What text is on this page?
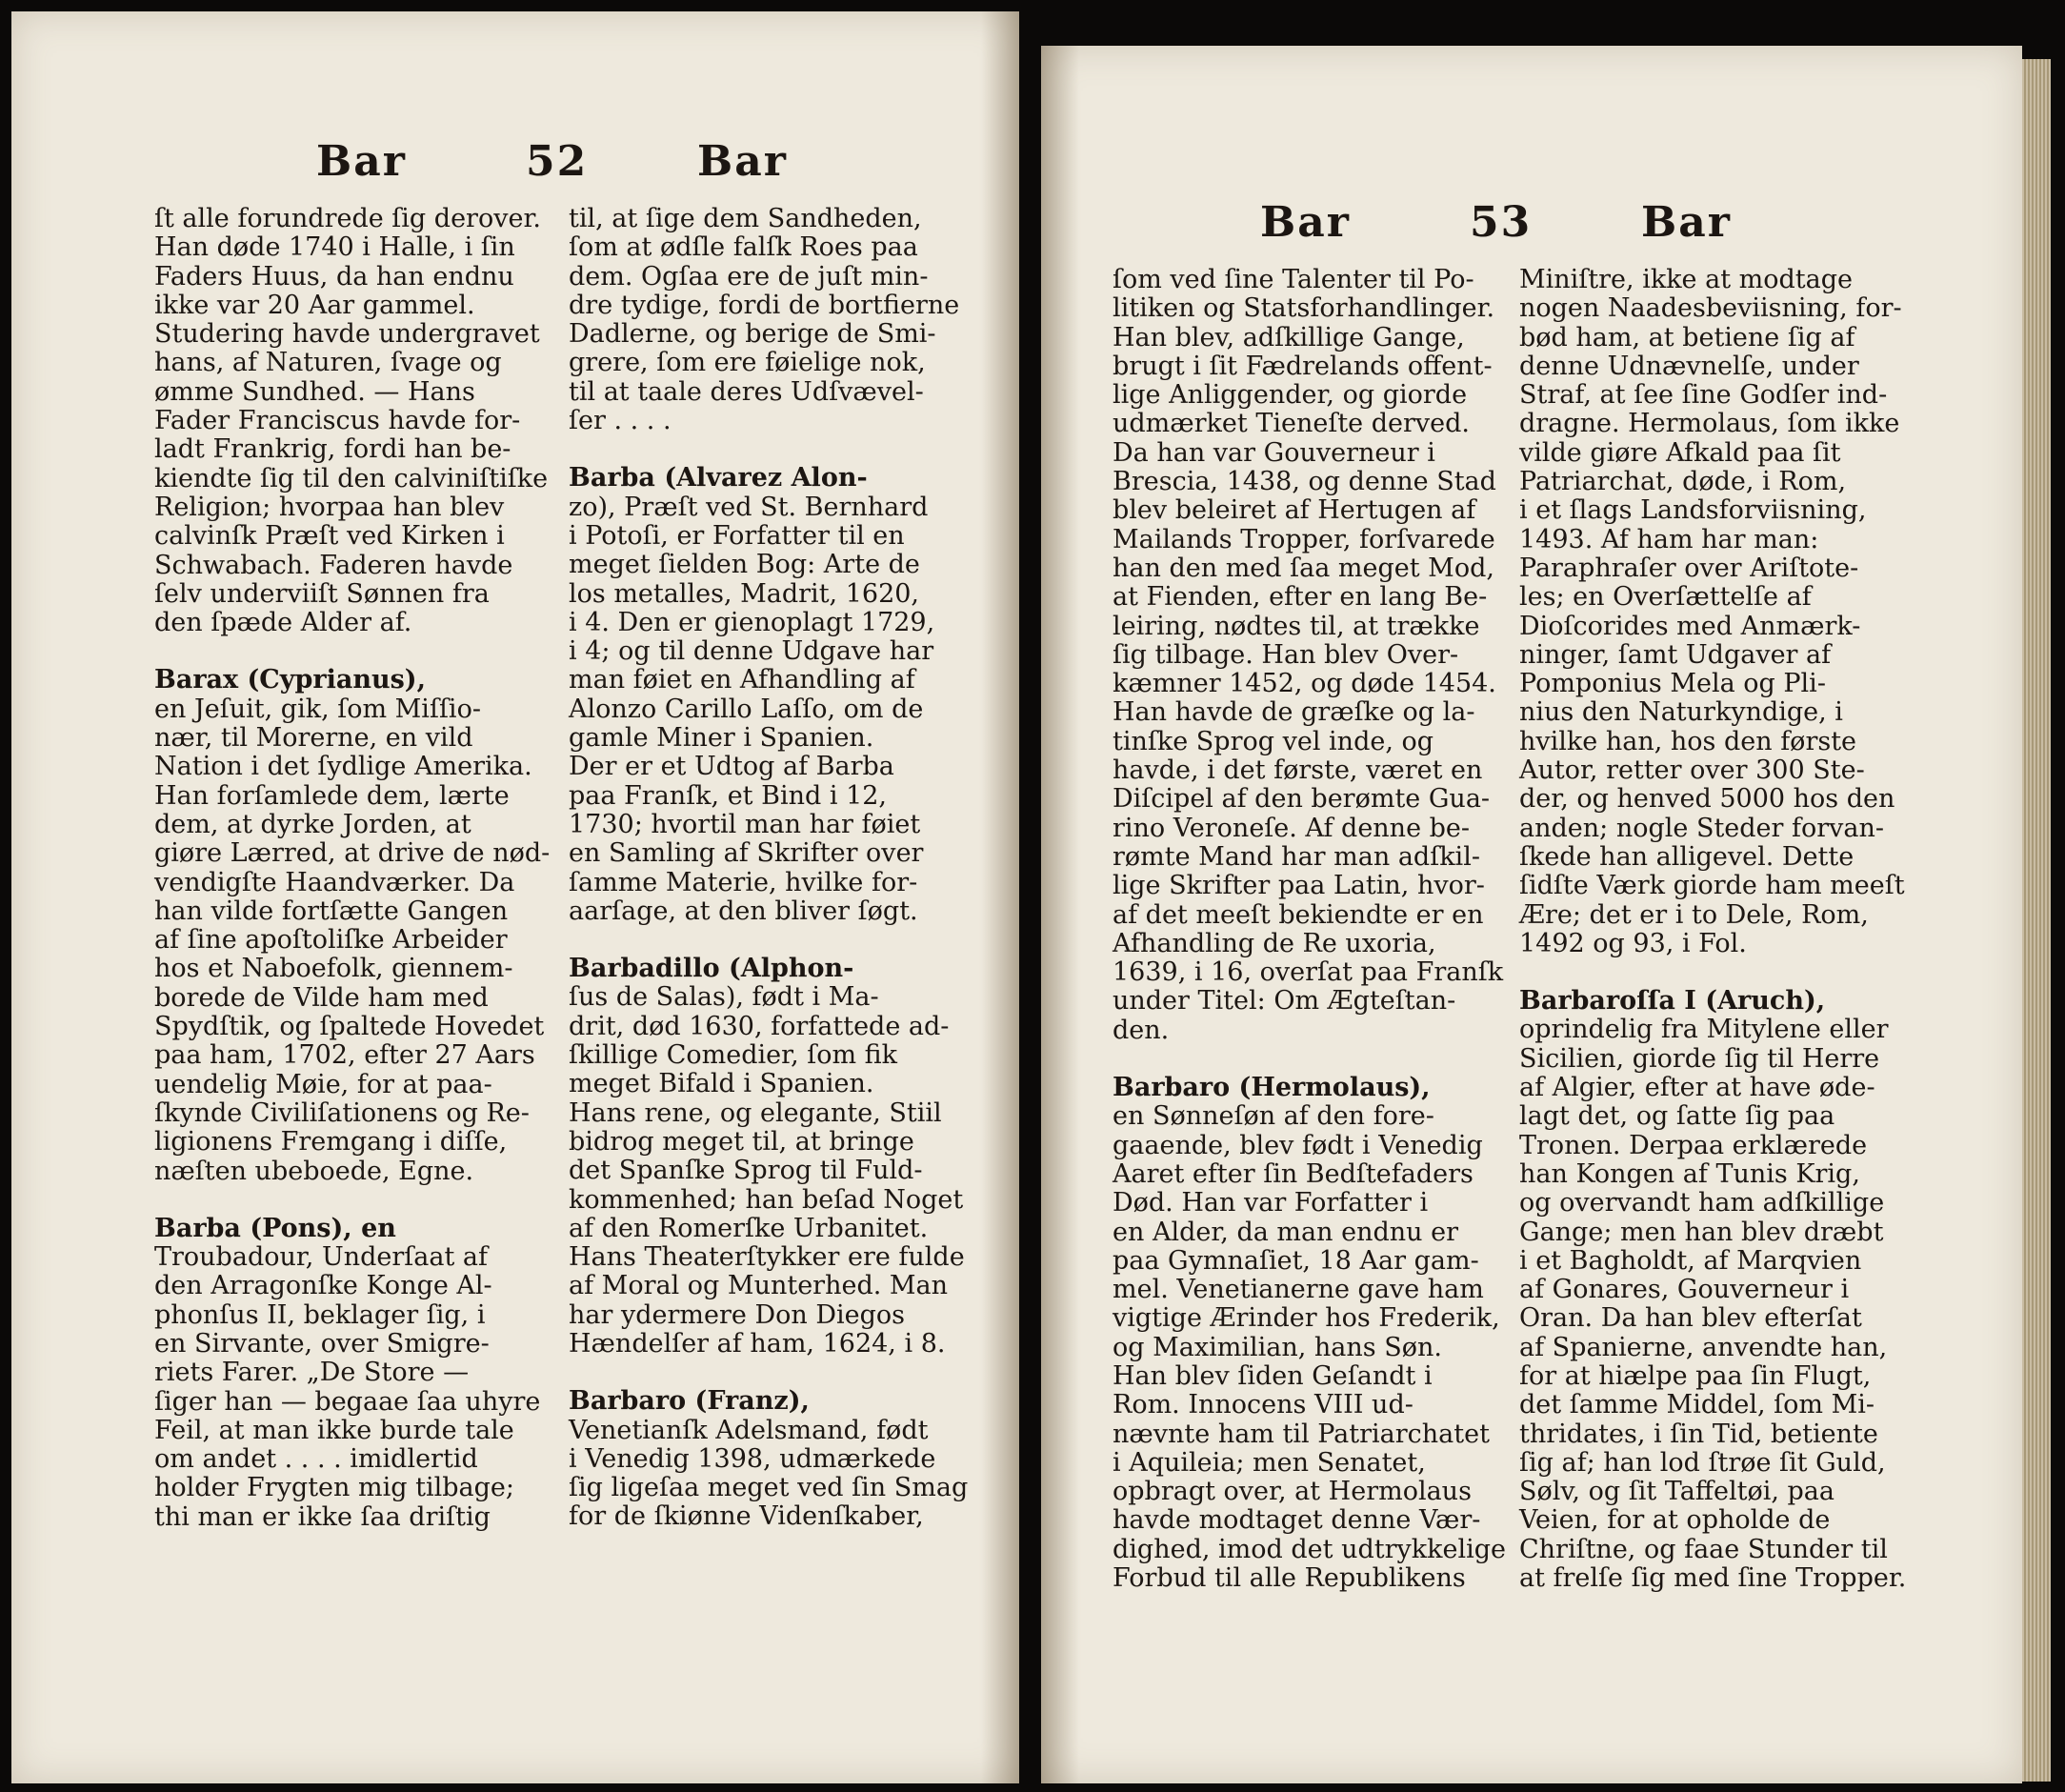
Bar	52	Bar
ſt alle forundrede ſig derover.
Han døde 1740 i Halle, i ſin
Faders Huus, da han endnu
ikke var 20 Aar gammel.
Studering havde undergravet
hans, af Naturen, ſvage og
ømme Sundhed. — Hans
Fader Franciscus havde for-
ladt Frankrig, fordi han be-
kiendte ſig til den calviniſtiſke
Religion; hvorpaa han blev
calvinſk Præſt ved Kirken i
Schwabach. Faderen havde
ſelv underviiſt Sønnen fra
den ſpæde Alder af.
Barax (Cyprianus),
en Jeſuit, gik, ſom Miſſio-
nær, til Morerne, en vild
Nation i det ſydlige Amerika.
Han forſamlede dem, lærte
dem, at dyrke Jorden, at
giøre Lærred, at drive de nød-
vendigſte Haandværker. Da
han vilde fortſætte Gangen
af ſine apoſtoliſke Arbeider
hos et Naboefolk, giennem-
borede de Vilde ham med
Spydſtik, og ſpaltede Hovedet
paa ham, 1702, efter 27 Aars
uendelig Møie, for at paa-
ſkynde Civiliſationens og Re-
ligionens Fremgang i diſſe,
næſten ubeboede, Egne.
Barba (Pons), en
Troubadour, Underſaat af
den Arragonſke Konge Al-
phonſus II, beklager ſig, i
en Sirvante, over Smigre-
riets Farer. „De Store —
ſiger han — begaae ſaa uhyre
Feil, at man ikke burde tale
om andet . . . . imidlertid
holder Frygten mig tilbage;
thi man er ikke ſaa driſtig
til, at ſige dem Sandheden,
ſom at ødſle falſk Roes paa
dem. Ogſaa ere de juſt min-
dre tydige, fordi de bortfierne
Dadlerne, og berige de Smi-
grere, ſom ere føielige nok,
til at taale deres Udſvævel-
ſer . . . .
Barba (Alvarez Alon-
zo), Præſt ved St. Bernhard
i Potoſi, er Forfatter til en
meget ſielden Bog: Arte de
los metalles, Madrit, 1620,
i 4. Den er gienoplagt 1729,
i 4; og til denne Udgave har
man føiet en Afhandling af
Alonzo Carillo Laſſo, om de
gamle Miner i Spanien.
Der er et Udtog af Barba
paa Franſk, et Bind i 12,
1730; hvortil man har føiet
en Samling af Skrifter over
ſamme Materie, hvilke for-
aarſage, at den bliver ſøgt.
Barbadillo (Alphon-
ſus de Salas), født i Ma-
drit, død 1630, forfattede ad-
ſkillige Comedier, ſom fik
meget Bifald i Spanien.
Hans rene, og elegante, Stiil
bidrog meget til, at bringe
det Spanſke Sprog til Fuld-
kommenhed; han beſad Noget
af den Romerſke Urbanitet.
Hans Theaterſtykker ere fulde
af Moral og Munterhed. Man
har ydermere Don Diegos
Hændelſer af ham, 1624, i 8.
Barbaro (Franz),
Venetianſk Adelsmand, født
i Venedig 1398, udmærkede
ſig ligeſaa meget ved ſin Smag
for de ſkiønne Videnſkaber,
Bar	53	Bar
ſom ved ſine Talenter til Po-
litiken og Statsforhandlinger.
Han blev, adſkillige Gange,
brugt i ſit Fædrelands offent-
lige Anliggender, og giorde
udmærket Tieneſte derved.
Da han var Gouverneur i
Brescia, 1438, og denne Stad
blev beleiret af Hertugen af
Mailands Tropper, forſvarede
han den med ſaa meget Mod,
at Fienden, efter en lang Be-
leiring, nødtes til, at trække
ſig tilbage. Han blev Over-
kæmner 1452, og døde 1454.
Han havde de græſke og la-
tinſke Sprog vel inde, og
havde, i det første, været en
Diſcipel af den berømte Gua-
rino Veroneſe. Af denne be-
rømte Mand har man adſkil-
lige Skrifter paa Latin, hvor-
af det meeſt bekiendte er en
Afhandling de Re uxoria,
1639, i 16, overſat paa Franſk
under Titel: Om Ægteſtan-
den.
Barbaro (Hermolaus),
en Sønneſøn af den fore-
gaaende, blev født i Venedig
Aaret efter ſin Bedſtefaders
Død. Han var Forfatter i
en Alder, da man endnu er
paa Gymnaſiet, 18 Aar gam-
mel. Venetianerne gave ham
vigtige Ærinder hos Frederik,
og Maximilian, hans Søn.
Han blev ſiden Geſandt i
Rom. Innocens VIII ud-
nævnte ham til Patriarchatet
i Aquileia; men Senatet,
opbragt over, at Hermolaus
havde modtaget denne Vær-
dighed, imod det udtrykkelige
Forbud til alle Republikens
Miniſtre, ikke at modtage
nogen Naadesbeviisning, for-
bød ham, at betiene ſig af
denne Udnævnelſe, under
Straf, at ſee ſine Godſer ind-
dragne. Hermolaus, ſom ikke
vilde giøre Afkald paa ſit
Patriarchat, døde, i Rom,
i et ſlags Landsforviisning,
1493. Af ham har man:
Paraphraſer over Ariſtote-
les; en Overſættelſe af
Dioſcorides med Anmærk-
ninger, ſamt Udgaver af
Pomponius Mela og Pli-
nius den Naturkyndige, i
hvilke han, hos den første
Autor, retter over 300 Ste-
der, og henved 5000 hos den
anden; nogle Steder forvan-
ſkede han alligevel. Dette
ſidſte Værk giorde ham meeſt
Ære; det er i to Dele, Rom,
1492 og 93, i Fol.
Barbaroſſa I (Aruch),
oprindelig fra Mitylene eller
Sicilien, giorde ſig til Herre
af Algier, efter at have øde-
lagt det, og ſatte ſig paa
Tronen. Derpaa erklærede
han Kongen af Tunis Krig,
og overvandt ham adſkillige
Gange; men han blev dræbt
i et Bagholdt, af Marqvien
af Gonares, Gouverneur i
Oran. Da han blev efterſat
af Spanierne, anvendte han,
for at hiælpe paa ſin Flugt,
det ſamme Middel, ſom Mi-
thridates, i ſin Tid, betiente
ſig af; han lod ſtrøe ſit Guld,
Sølv, og ſit Taffeltøi, paa
Veien, for at opholde de
Chriſtne, og faae Stunder til
at frelſe ſig med ſine Tropper.
